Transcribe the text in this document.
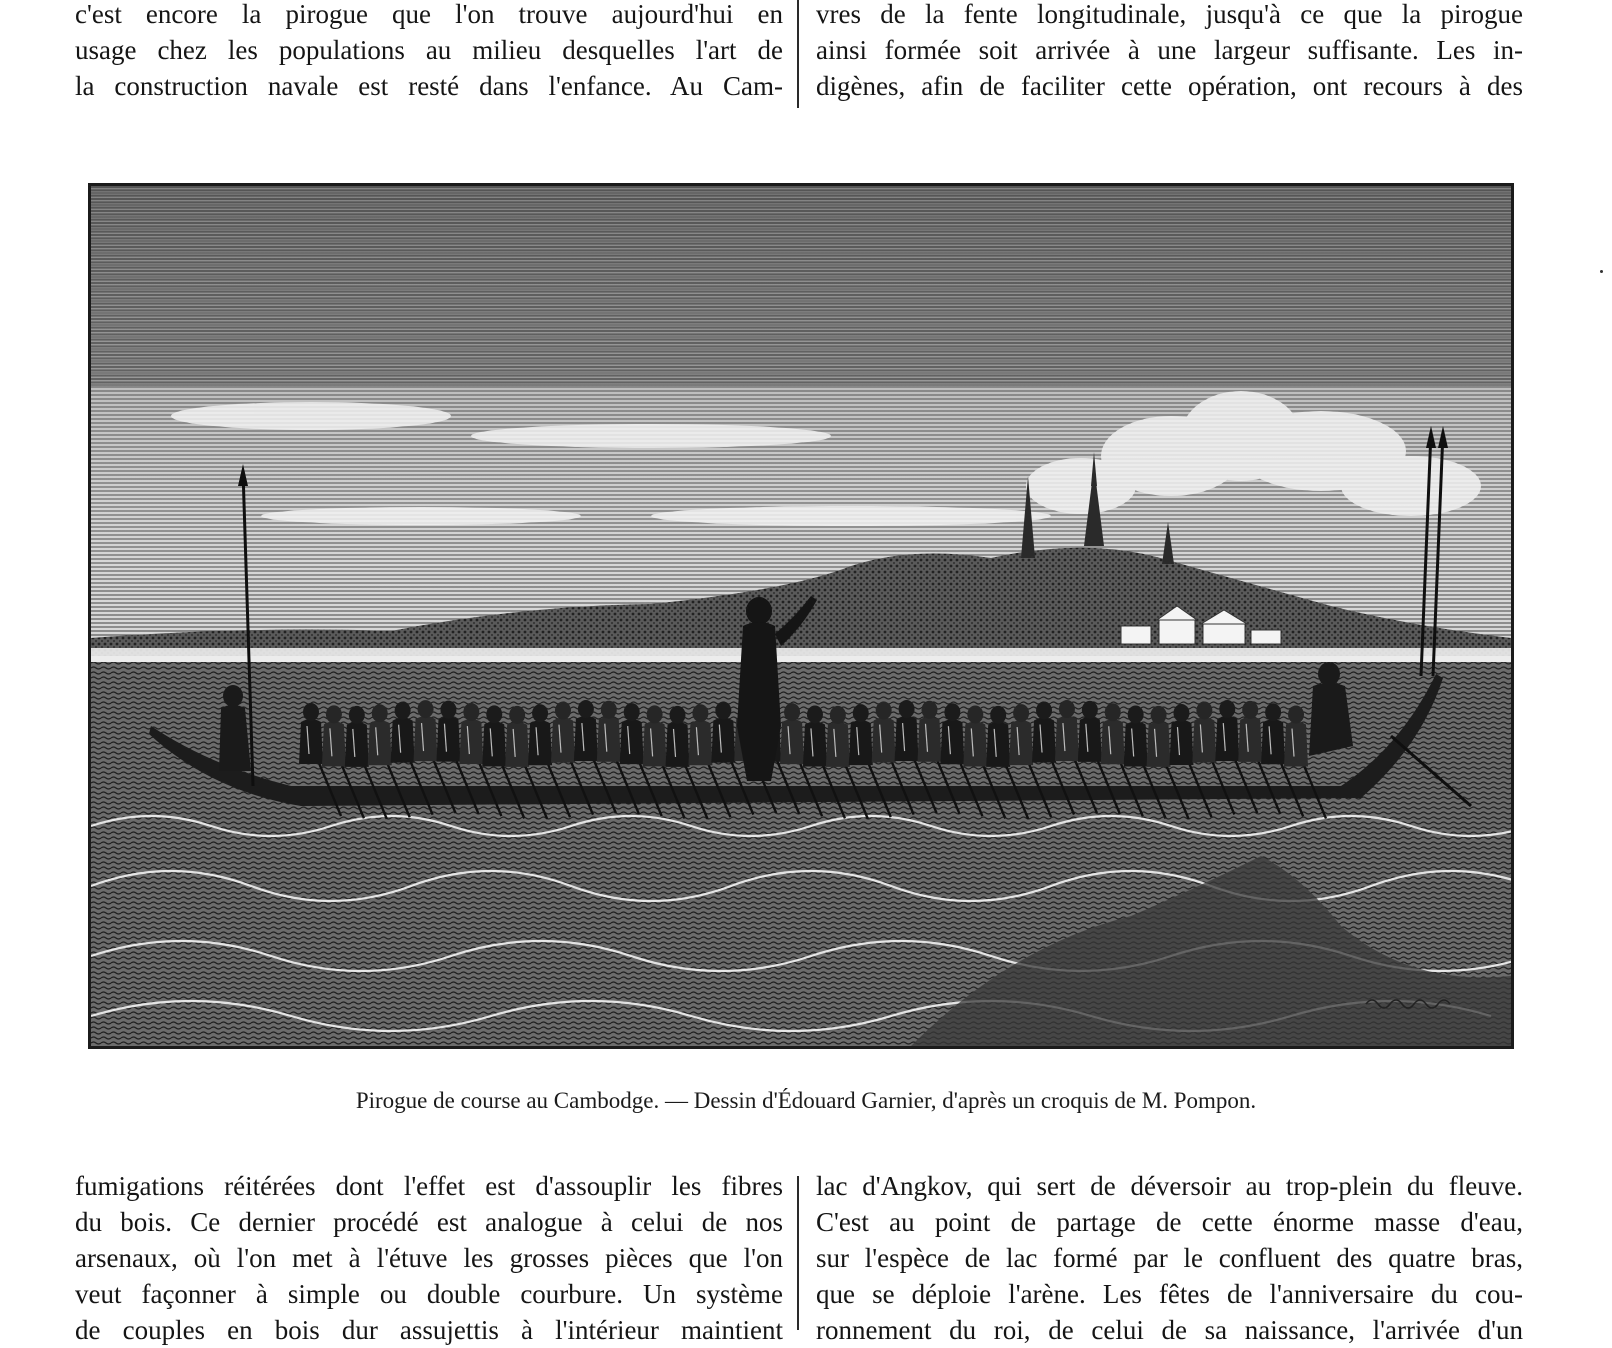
c'est encore la pirogue que l'on trouve aujourd'hui en
usage chez les populations au milieu desquelles l'art de
la construction navale est resté dans l'enfance. Au Cam-
vres de la fente longitudinale, jusqu'à ce que la pirogue
ainsi formée soit arrivée à une largeur suffisante. Les in-
digènes, afin de faciliter cette opération, ont recours à des
Pirogue de course au Cambodge. — Dessin d'Édouard Garnier, d'après un croquis de M. Pompon.
fumigations réitérées dont l'effet est d'assouplir les fibres
du bois. Ce dernier procédé est analogue à celui de nos
arsenaux, où l'on met à l'étuve les grosses pièces que l'on
veut façonner à simple ou double courbure. Un système
de couples en bois dur assujettis à l'intérieur maintient
lac d'Angkov, qui sert de déversoir au trop-plein du fleuve.
C'est au point de partage de cette énorme masse d'eau,
sur l'espèce de lac formé par le confluent des quatre bras,
que se déploie l'arène. Les fêtes de l'anniversaire du cou-
ronnement du roi, de celui de sa naissance, l'arrivée d'un
